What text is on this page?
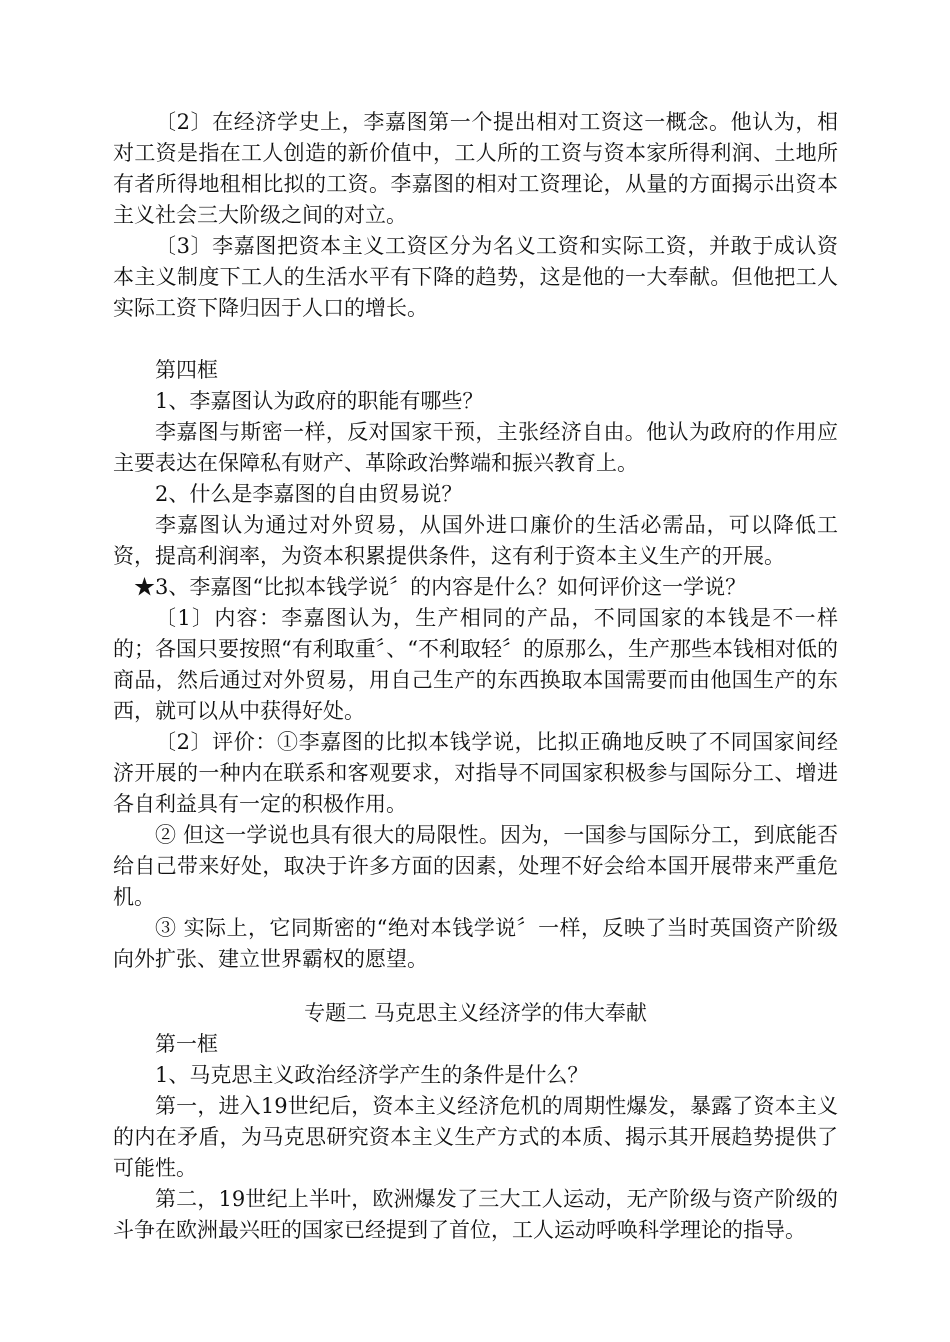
〔2〕在经济学史上，李嘉图第一个提出相对工资这一概念。他认为，相对工资是指在工人创造的新价值中，工人所的工资与资本家所得利润、土地所有者所得地租相比拟的工资。李嘉图的相对工资理论，从量的方面揭示出资本主义社会三大阶级之间的对立。

〔3〕李嘉图把资本主义工资区分为名义工资和实际工资，并敢于成认资本主义制度下工人的生活水平有下降的趋势，这是他的一大奉献。但他把工人实际工资下降归因于人口的增长。

第四框

1、李嘉图认为政府的职能有哪些？

李嘉图与斯密一样，反对国家干预，主张经济自由。他认为政府的作用应主要表达在保障私有财产、革除政治弊端和振兴教育上。

2、什么是李嘉图的自由贸易说？

李嘉图认为通过对外贸易，从国外进口廉价的生活必需品，可以降低工资，提高利润率，为资本积累提供条件，这有利于资本主义生产的开展。

★3、李嘉图“比拟本钱学说〞的内容是什么？如何评价这一学说？

〔1〕内容：李嘉图认为，生产相同的产品，不同国家的本钱是不一样的；各国只要按照“有利取重〞、“不利取轻〞的原那么，生产那些本钱相对低的商品，然后通过对外贸易，用自己生产的东西换取本国需要而由他国生产的东西，就可以从中获得好处。

〔2〕评价：①李嘉图的比拟本钱学说，比拟正确地反映了不同国家间经济开展的一种内在联系和客观要求，对指导不同国家积极参与国际分工、增进各自利益具有一定的积极作用。

② 但这一学说也具有很大的局限性。因为，一国参与国际分工，到底能否给自己带来好处，取决于许多方面的因素，处理不好会给本国开展带来严重危机。

③ 实际上，它同斯密的“绝对本钱学说〞一样，反映了当时英国资产阶级向外扩张、建立世界霸权的愿望。

专题二 马克思主义经济学的伟大奉献

第一框

1、马克思主义政治经济学产生的条件是什么？

第一，进入19世纪后，资本主义经济危机的周期性爆发，暴露了资本主义的内在矛盾，为马克思研究资本主义生产方式的本质、揭示其开展趋势提供了可能性。

第二，19世纪上半叶，欧洲爆发了三大工人运动，无产阶级与资产阶级的斗争在欧洲最兴旺的国家已经提到了首位，工人运动呼唤科学理论的指导。
